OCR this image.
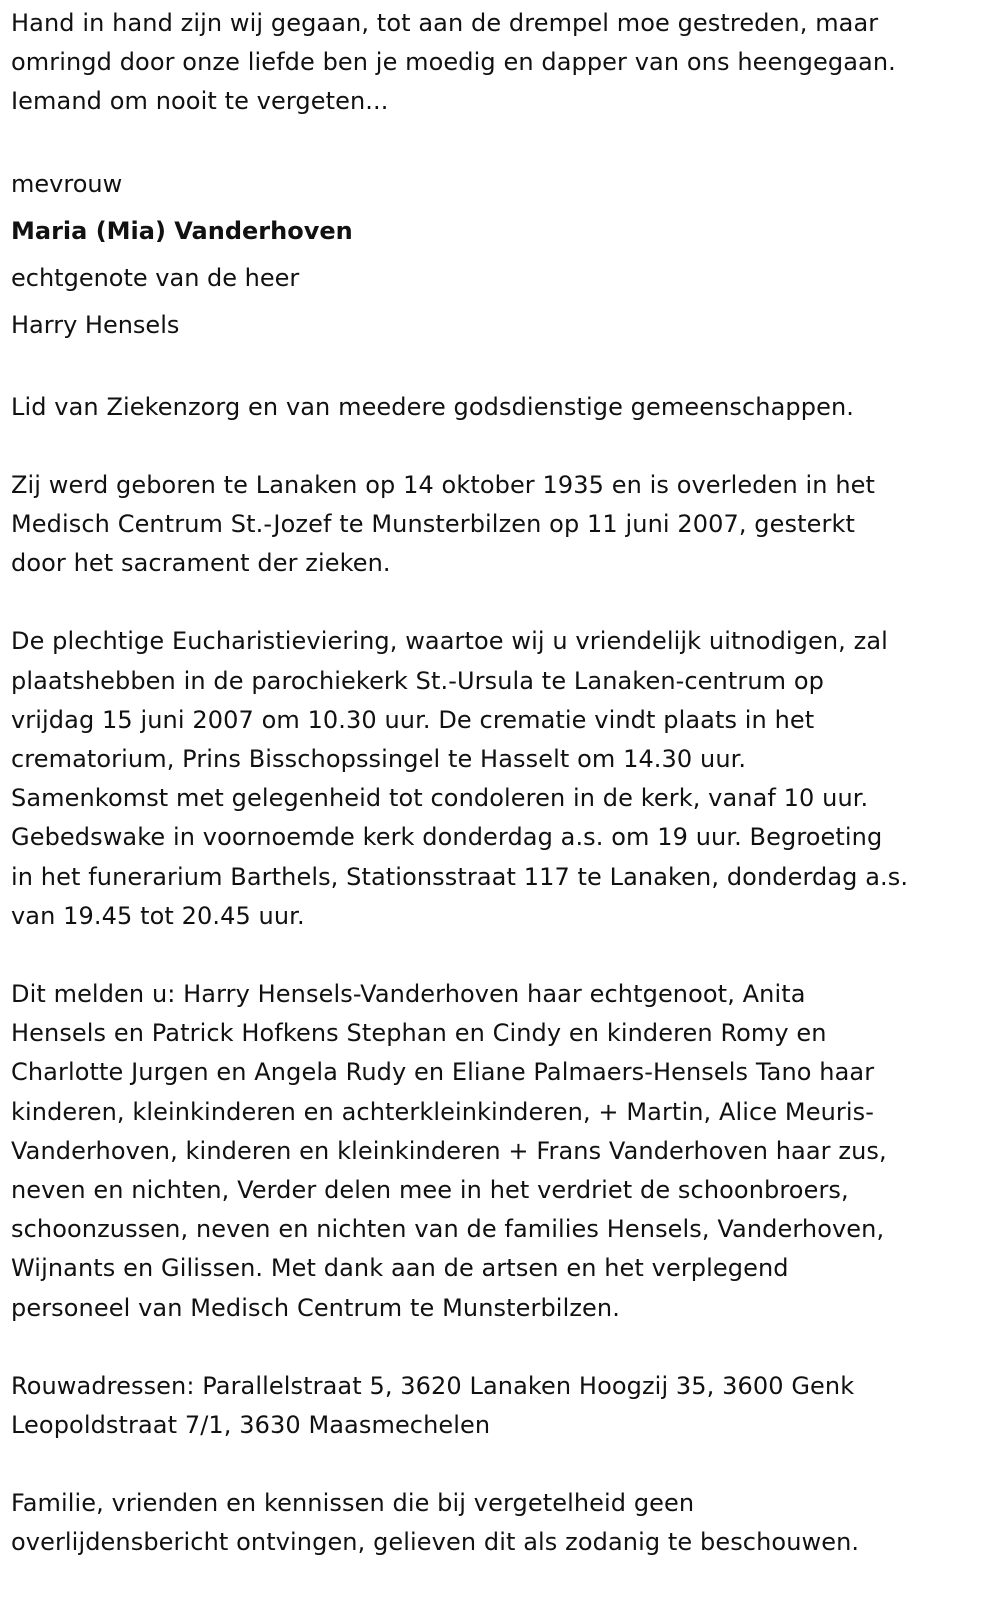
Hand in hand zijn wij gegaan, tot aan de drempel moe gestreden, maar
omringd door onze liefde ben je moedig en dapper van ons heengegaan.
Iemand om nooit te vergeten...

mevrouw

Maria (Mia) Vanderhoven

echtgenote van de heer

Harry Hensels

Lid van Ziekenzorg en van meedere godsdienstige gemeenschappen.

Zij werd geboren te Lanaken op 14 oktober 1935 en is overleden in het
Medisch Centrum St.-Jozef te Munsterbilzen op 11 juni 2007, gesterkt
door het sacrament der zieken.

De plechtige Eucharistieviering, waartoe wij u vriendelijk uitnodigen, zal
plaatshebben in de parochiekerk St.-Ursula te Lanaken-centrum op
vrijdag 15 juni 2007 om 10.30 uur. De crematie vindt plaats in het
crematorium, Prins Bisschopssingel te Hasselt om 14.30 uur.
Samenkomst met gelegenheid tot condoleren in de kerk, vanaf 10 uur.
Gebedswake in voornoemde kerk donderdag a.s. om 19 uur. Begroeting
in het funerarium Barthels, Stationsstraat 117 te Lanaken, donderdag a.s.
van 19.45 tot 20.45 uur.

Dit melden u: Harry Hensels-Vanderhoven haar echtgenoot, Anita
Hensels en Patrick Hofkens Stephan en Cindy en kinderen Romy en
Charlotte Jurgen en Angela Rudy en Eliane Palmaers-Hensels Tano haar
kinderen, kleinkinderen en achterkleinkinderen, + Martin, Alice Meuris-
Vanderhoven, kinderen en kleinkinderen + Frans Vanderhoven haar zus,
neven en nichten, Verder delen mee in het verdriet de schoonbroers,
schoonzussen, neven en nichten van de families Hensels, Vanderhoven,
Wijnants en Gilissen. Met dank aan de artsen en het verplegend
personeel van Medisch Centrum te Munsterbilzen.

Rouwadressen: Parallelstraat 5, 3620 Lanaken Hoogzij 35, 3600 Genk
Leopoldstraat 7/1, 3630 Maasmechelen

Familie, vrienden en kennissen die bij vergetelheid geen
overlijdensbericht ontvingen, gelieven dit als zodanig te beschouwen.
